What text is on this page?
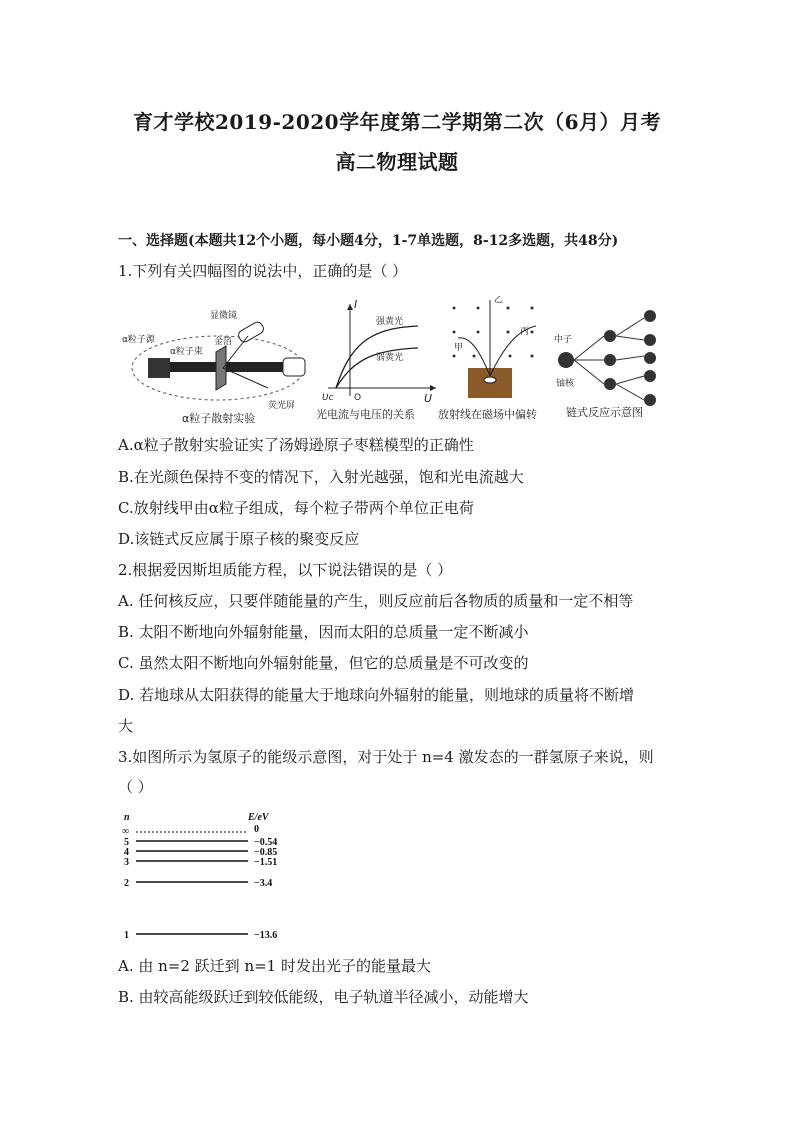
育才学校2019-2020学年度第二学期第二次（6月）月考
高二物理试题
一、选择题(本题共12个小题，每小题4分，1-7单选题，8-12多选题，共48分)
1.下列有关四幅图的说法中，正确的是（ ）
α粒子源
α粒子束
金箔
显微镜
荧光屏
α粒子散射实验
强黄光
弱黄光
I
U
Uc O
光电流与电压的关系
甲
乙
丙
放射线在磁场中偏转
中子
铀核
链式反应示意图
A.α粒子散射实验证实了汤姆逊原子枣糕模型的正确性
B.在光颜色保持不变的情况下，入射光越强，饱和光电流越大
C.放射线甲由α粒子组成，每个粒子带两个单位正电荷
D.该链式反应属于原子核的聚变反应
2.根据爱因斯坦质能方程，以下说法错误的是（ ）
A. 任何核反应，只要伴随能量的产生，则反应前后各物质的质量和一定不相等
B. 太阳不断地向外辐射能量，因而太阳的总质量一定不断减小
C. 虽然太阳不断地向外辐射能量，但它的总质量是不可改变的
D. 若地球从太阳获得的能量大于地球向外辐射的能量，则地球的质量将不断增
大
3.如图所示为氢原子的能级示意图，对于处于 n=4 激发态的一群氢原子来说，则
（ ）
n	E/eV
∞	0
5	−0.54
4	−0.85
3	−1.51
2	−3.4
1	−13.6
A. 由 n=2 跃迁到 n=1 时发出光子的能量最大
B. 由较高能级跃迁到较低能级，电子轨道半径减小，动能增大
